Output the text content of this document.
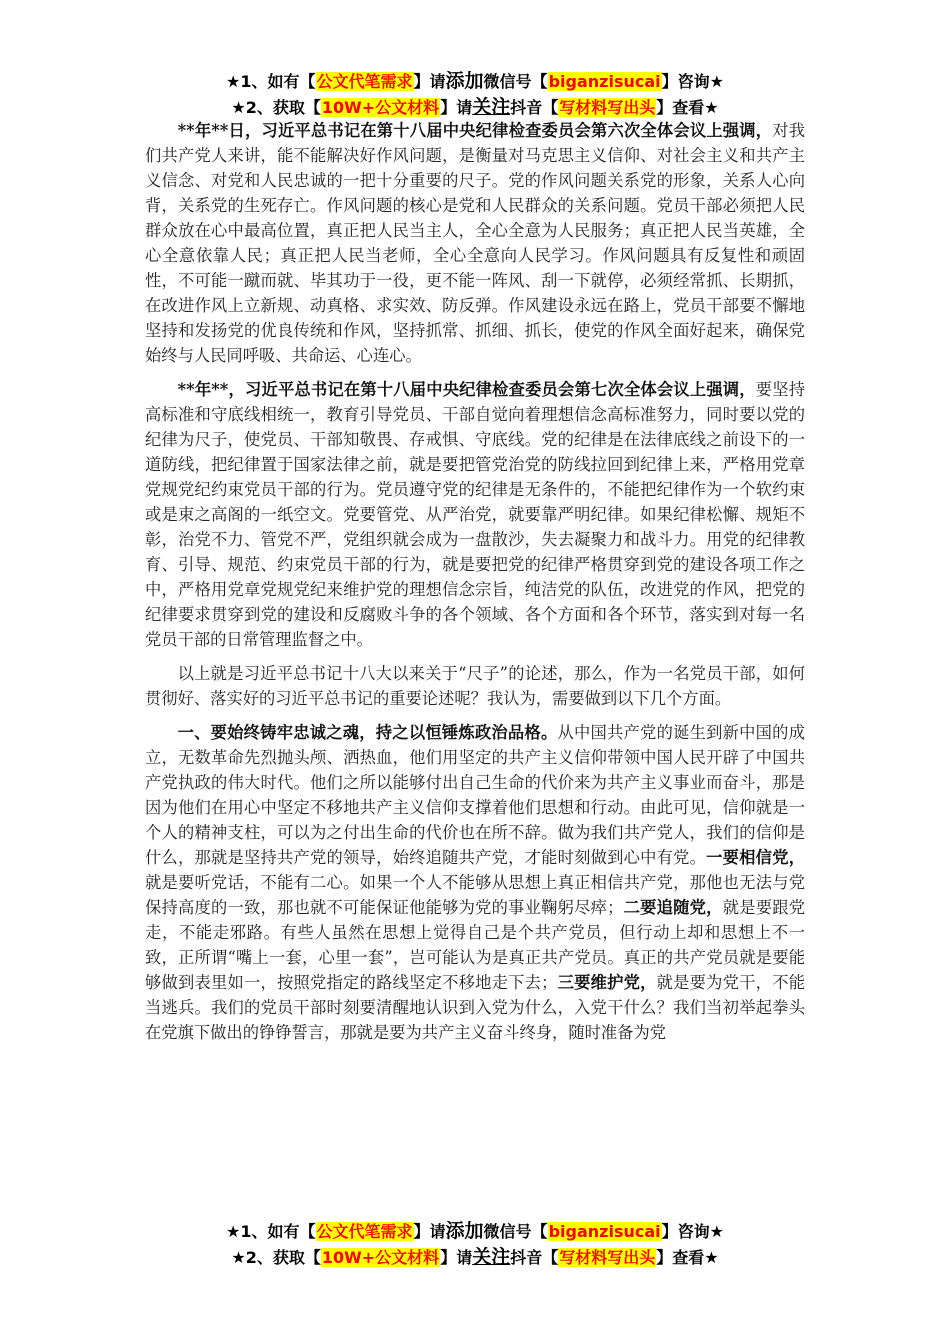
★1、如有【公文代笔需求】请添加微信号【biganzisucai】咨询★
★2、获取【10W+公文材料】请关注抖音【写材料写出头】查看★

**年**日，习近平总书记在第十八届中央纪律检查委员会第六次全体会议上强调，对我们共产党人来讲，能不能解决好作风问题，是衡量对马克思主义信仰、对社会主义和共产主义信念、对党和人民忠诚的一把十分重要的尺子。党的作风问题关系党的形象，关系人心向背，关系党的生死存亡。作风问题的核心是党和人民群众的关系问题。党员干部必须把人民群众放在心中最高位置，真正把人民当主人，全心全意为人民服务；真正把人民当英雄，全心全意依靠人民；真正把人民当老师，全心全意向人民学习。作风问题具有反复性和顽固性，不可能一蹴而就、毕其功于一役，更不能一阵风、刮一下就停，必须经常抓、长期抓，在改进作风上立新规、动真格、求实效、防反弹。作风建设永远在路上，党员干部要不懈地坚持和发扬党的优良传统和作风，坚持抓常、抓细、抓长，使党的作风全面好起来，确保党始终与人民同呼吸、共命运、心连心。

**年**，习近平总书记在第十八届中央纪律检查委员会第七次全体会议上强调，要坚持高标准和守底线相统一，教育引导党员、干部自觉向着理想信念高标准努力，同时要以党的纪律为尺子，使党员、干部知敬畏、存戒惧、守底线。党的纪律是在法律底线之前设下的一道防线，把纪律置于国家法律之前，就是要把管党治党的防线拉回到纪律上来，严格用党章党规党纪约束党员干部的行为。党员遵守党的纪律是无条件的，不能把纪律作为一个软约束或是束之高阁的一纸空文。党要管党、从严治党，就要靠严明纪律。如果纪律松懈、规矩不彰，治党不力、管党不严，党组织就会成为一盘散沙，失去凝聚力和战斗力。用党的纪律教育、引导、规范、约束党员干部的行为，就是要把党的纪律严格贯穿到党的建设各项工作之中，严格用党章党规党纪来维护党的理想信念宗旨，纯洁党的队伍，改进党的作风，把党的纪律要求贯穿到党的建设和反腐败斗争的各个领域、各个方面和各个环节，落实到对每一名党员干部的日常管理监督之中。

以上就是习近平总书记十八大以来关于“尺子”的论述，那么，作为一名党员干部，如何贯彻好、落实好的习近平总书记的重要论述呢？我认为，需要做到以下几个方面。

一、要始终铸牢忠诚之魂，持之以恒锤炼政治品格。从中国共产党的诞生到新中国的成立，无数革命先烈抛头颅、洒热血，他们用坚定的共产主义信仰带领中国人民开辟了中国共产党执政的伟大时代。他们之所以能够付出自己生命的代价来为共产主义事业而奋斗，那是因为他们在用心中坚定不移地共产主义信仰支撑着他们思想和行动。由此可见，信仰就是一个人的精神支柱，可以为之付出生命的代价也在所不辞。做为我们共产党人，我们的信仰是什么，那就是坚持共产党的领导，始终追随共产党，才能时刻做到心中有党。一要相信党，就是要听党话，不能有二心。如果一个人不能够从思想上真正相信共产党，那他也无法与党保持高度的一致，那也就不可能保证他能够为党的事业鞠躬尽瘁；二要追随党，就是要跟党走，不能走邪路。有些人虽然在思想上觉得自己是个共产党员，但行动上却和思想上不一致，正所谓“嘴上一套，心里一套”，岂可能认为是真正共产党员。真正的共产党员就是要能够做到表里如一，按照党指定的路线坚定不移地走下去；三要维护党，就是要为党干，不能当逃兵。我们的党员干部时刻要清醒地认识到入党为什么，入党干什么？我们当初举起拳头在党旗下做出的铮铮誓言，那就是要为共产主义奋斗终身，随时准备为党

★1、如有【公文代笔需求】请添加微信号【biganzisucai】咨询★
★2、获取【10W+公文材料】请关注抖音【写材料写出头】查看★
